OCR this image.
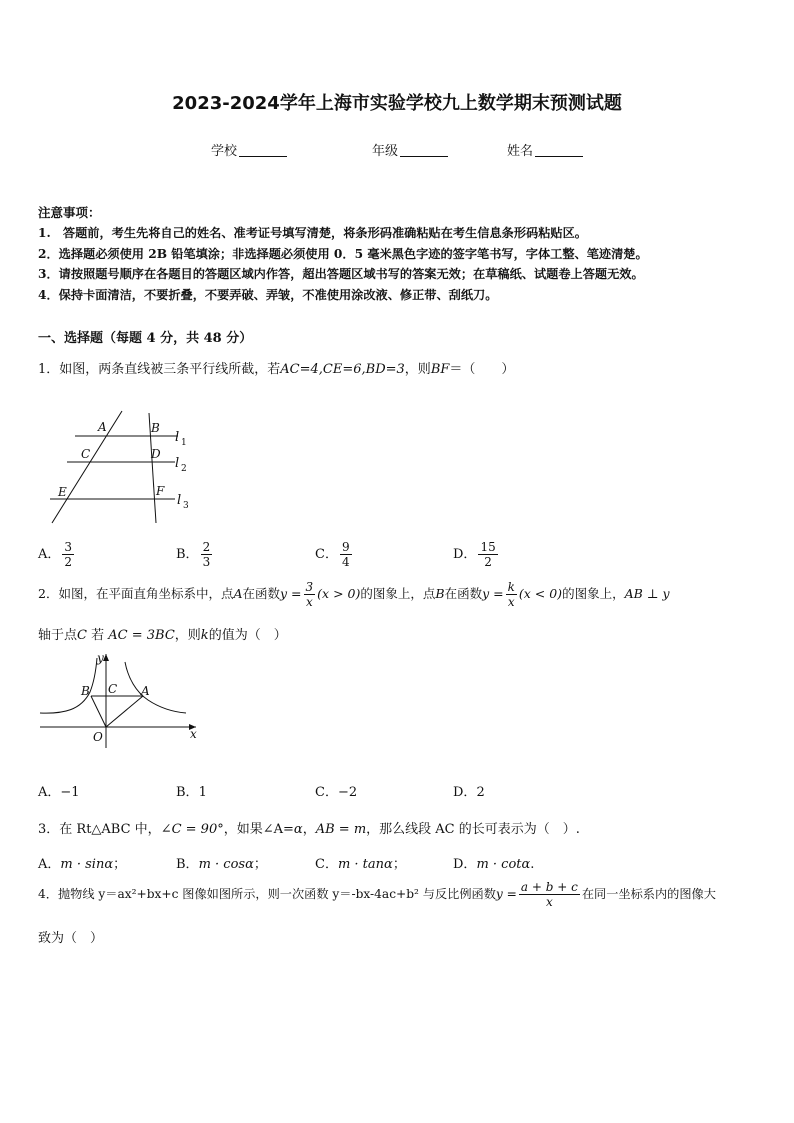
2023-2024学年上海市实验学校九上数学期末预测试题
学校	年级	姓名
注意事项：
1.　答题前，考生先将自己的姓名、准考证号填写清楚，将条形码准确粘贴在考生信息条形码粘贴区。
2．选择题必须使用 2B 铅笔填涂；非选择题必须使用 0．5 毫米黑色字迹的签字笔书写，字体工整、笔迹清楚。
3．请按照题号顺序在各题目的答题区域内作答，超出答题区域书写的答案无效；在草稿纸、试题卷上答题无效。
4．保持卡面清洁，不要折叠，不要弄破、弄皱，不准使用涂改液、修正带、刮纸刀。
一、选择题（每题 4 分，共 48 分）
1．如图，两条直线被三条平行线所截，若AC=4,CE=6,BD=3，则BF＝（　　）
A	B
C	D
E	F
l 1
l 2
l 3
A． $\frac{3}{2}$	B． $\frac{2}{3}$	C． $\frac{9}{4}$	D． $\frac{15}{2}$
2．如图，在平面直角坐标系中，点A在函数$y = \frac{3}{x} (x > 0)$的图象上，点B在函数$y = \frac{k}{x} (x < 0)$的图象上，AB ⊥ y
轴于点C 若 AC = 3BC，则k的值为（　）
y
x
O
B C A
A．−1	B．1	C．−2	D．2
3．在 Rt△ABC 中，∠C = 90°，如果∠A=α，AB = m，那么线段 AC 的长可表示为（　）.
A．m · sinα；	B．m · cosα；	C．m · tanα；	D．m · cotα.
4．抛物线 y＝ax²+bx+c 图像如图所示，则一次函数 y＝-bx-4ac+b² 与反比例函数$y = \frac{a + b + c}{x}$ 在同一坐标系内的图像大
致为（　）
